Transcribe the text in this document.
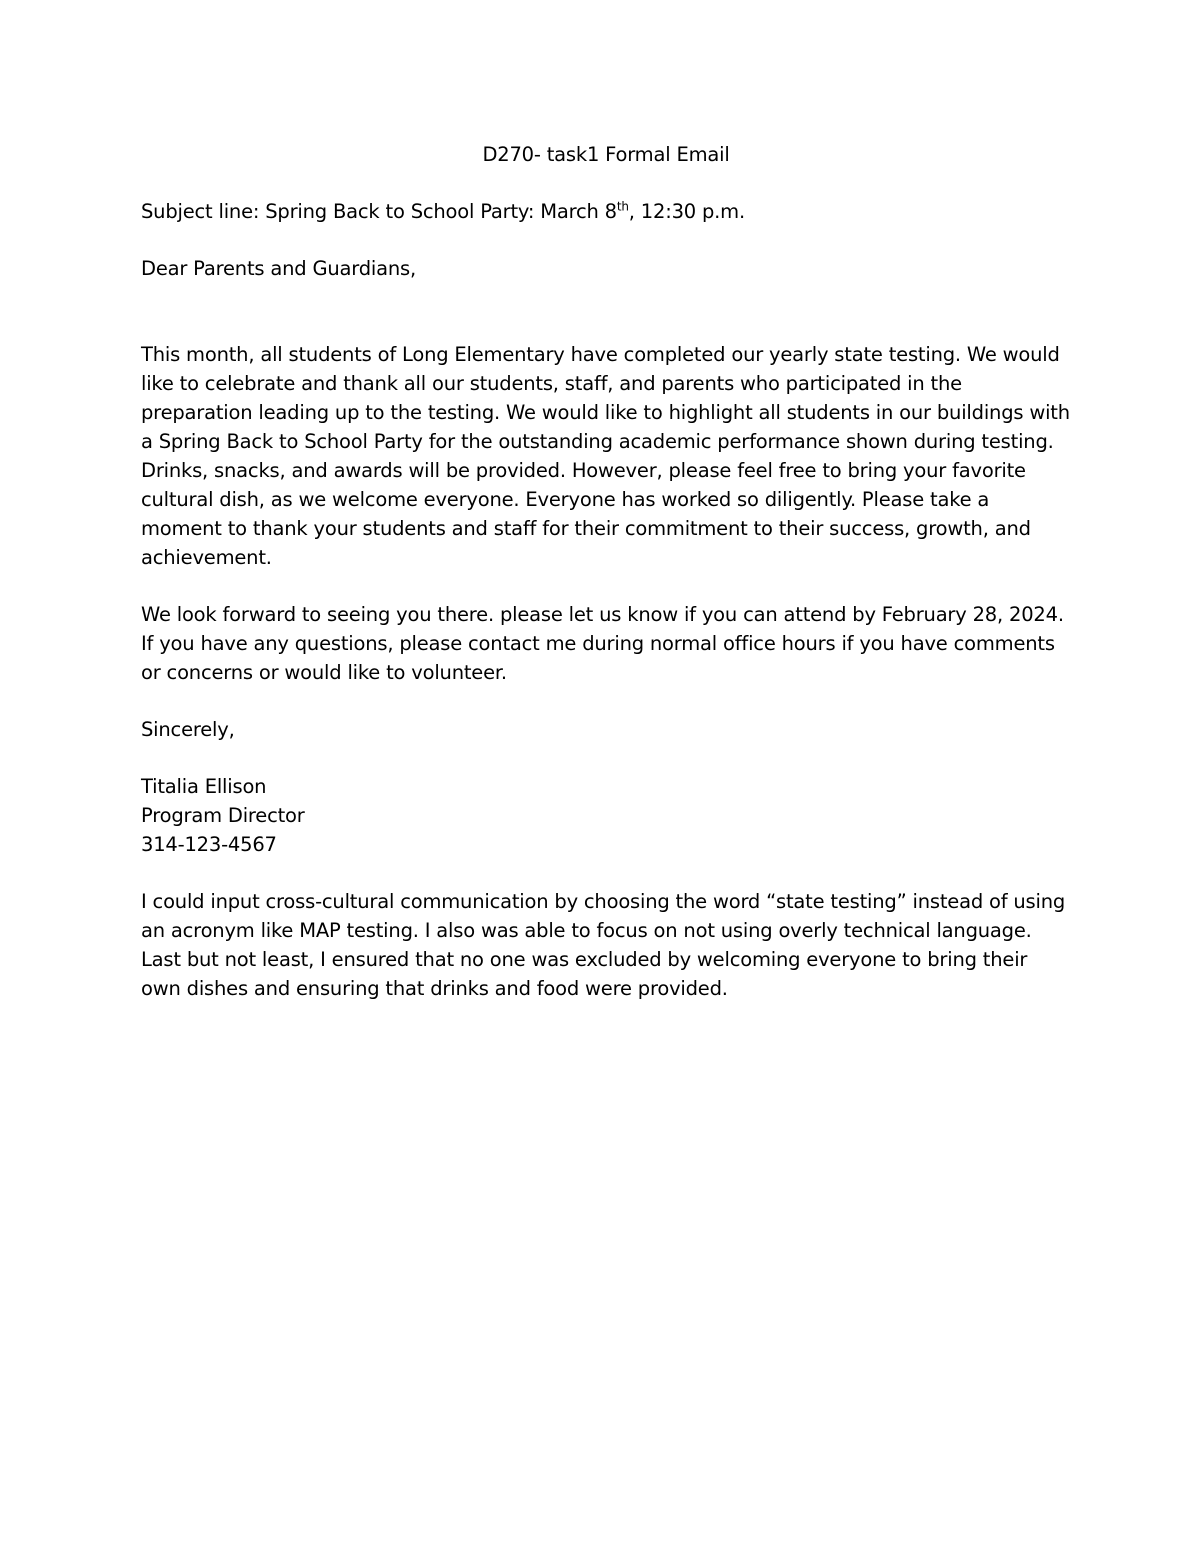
D270- task1 Formal Email
Subject line: Spring Back to School Party: March 8th, 12:30 p.m.
Dear Parents and Guardians,

This month, all students of Long Elementary have completed our yearly state testing. We would like to celebrate and thank all our students, staff, and parents who participated in the preparation leading up to the testing. We would like to highlight all students in our buildings with a Spring Back to School Party for the outstanding academic performance shown during testing. Drinks, snacks, and awards will be provided. However, please feel free to bring your favorite cultural dish, as we welcome everyone. Everyone has worked so diligently. Please take a moment to thank your students and staff for their commitment to their success, growth, and achievement.

We look forward to seeing you there. please let us know if you can attend by February 28, 2024. If you have any questions, please contact me during normal office hours if you have comments or concerns or would like to volunteer.

Sincerely,
Titalia Ellison
Program Director
314-123-4567

I could input cross-cultural communication by choosing the word “state testing” instead of using an acronym like MAP testing. I also was able to focus on not using overly technical language. Last but not least, I ensured that no one was excluded by welcoming everyone to bring their own dishes and ensuring that drinks and food were provided.
